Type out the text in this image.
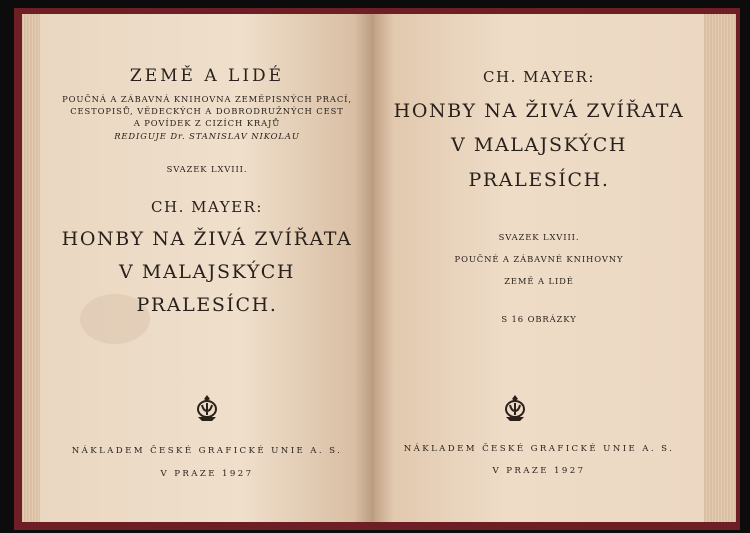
ZEMĚ A LIDÉ
POUČNÁ A ZÁBAVNÁ KNIHOVNA ZEMĚPISNÝCH PRACÍ,
CESTOPISŮ, VĚDECKÝCH A DOBRODRUŽNÝCH CEST
A POVÍDEK Z CIZÍCH KRAJŮ
REDIGUJE Dr. STANISLAV NIKOLAU
SVAZEK LXVIII.
CH. MAYER:
HONBY NA ŽIVÁ ZVÍŘATA
V MALAJSKÝCH
PRALESÍCH.
NÁKLADEM ČESKÉ GRAFICKÉ UNIE A. S.
V PRAZE 1927
CH. MAYER:
HONBY NA ŽIVÁ ZVÍŘATA
V MALAJSKÝCH
PRALESÍCH.
SVAZEK LXVIII.
POUČNÉ A ZÁBAVNÉ KNIHOVNY
ZEMĚ A LIDÉ
S 16 OBRÁZKY
NÁKLADEM ČESKÉ GRAFICKÉ UNIE A. S.
V PRAZE 1927
